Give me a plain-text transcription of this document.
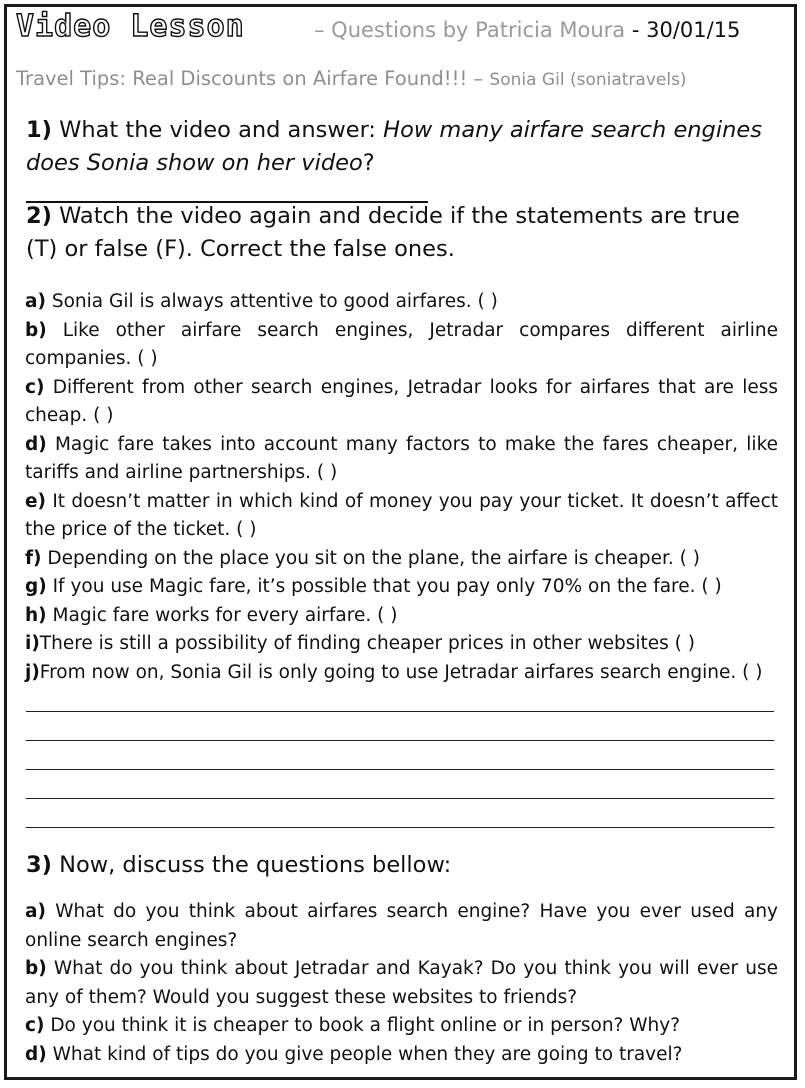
Video Lesson	– Questions by Patricia Moura - 30/01/15
Travel Tips: Real Discounts on Airfare Found!!! – Sonia Gil (soniatravels)
1) What the video and answer: How many airfare search engines does Sonia show on her video?
2) Watch the video again and decide if the statements are true (T) or false (F). Correct the false ones.
a) Sonia Gil is always attentive to good airfares. ( )
b) Like other airfare search engines, Jetradar compares different airline companies. ( )
c) Different from other search engines, Jetradar looks for airfares that are less cheap. ( )
d) Magic fare takes into account many factors to make the fares cheaper, like tariffs and airline partnerships. ( )
e) It doesn’t matter in which kind of money you pay your ticket. It doesn’t affect the price of the ticket. ( )
f) Depending on the place you sit on the plane, the airfare is cheaper. ( )
g) If you use Magic fare, it’s possible that you pay only 70% on the fare. ( )
h) Magic fare works for every airfare. ( )
i)There is still a possibility of finding cheaper prices in other websites ( )
j)From now on, Sonia Gil is only going to use Jetradar airfares search engine. ( )
3) Now, discuss the questions bellow:
a) What do you think about airfares search engine? Have you ever used any online search engines?
b) What do you think about Jetradar and Kayak? Do you think you will ever use any of them? Would you suggest these websites to friends?
c) Do you think it is cheaper to book a flight online or in person? Why?
d) What kind of tips do you give people when they are going to travel?
